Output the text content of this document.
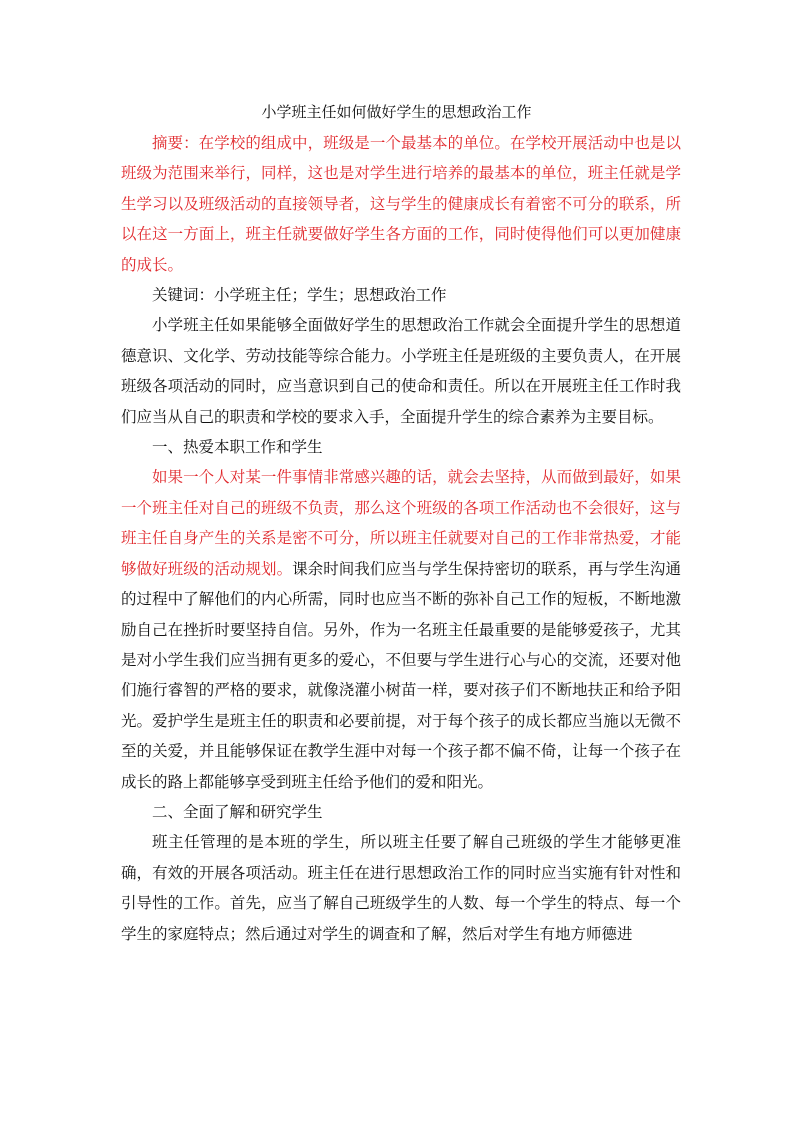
小学班主任如何做好学生的思想政治工作

摘要：在学校的组成中，班级是一个最基本的单位。在学校开展活动中也是以班级为范围来举行，同样，这也是对学生进行培养的最基本的单位，班主任就是学生学习以及班级活动的直接领导者，这与学生的健康成长有着密不可分的联系，所以在这一方面上，班主任就要做好学生各方面的工作，同时使得他们可以更加健康的成长。

关键词：小学班主任；学生；思想政治工作

小学班主任如果能够全面做好学生的思想政治工作就会全面提升学生的思想道德意识、文化学、劳动技能等综合能力。小学班主任是班级的主要负责人，在开展班级各项活动的同时，应当意识到自己的使命和责任。所以在开展班主任工作时我们应当从自己的职责和学校的要求入手，全面提升学生的综合素养为主要目标。

一、热爱本职工作和学生

如果一个人对某一件事情非常感兴趣的话，就会去坚持，从而做到最好，如果一个班主任对自己的班级不负责，那么这个班级的各项工作活动也不会很好，这与班主任自身产生的关系是密不可分，所以班主任就要对自己的工作非常热爱，才能够做好班级的活动规划。课余时间我们应当与学生保持密切的联系，再与学生沟通的过程中了解他们的内心所需，同时也应当不断的弥补自己工作的短板，不断地激励自己在挫折时要坚持自信。另外，作为一名班主任最重要的是能够爱孩子，尤其是对小学生我们应当拥有更多的爱心，不但要与学生进行心与心的交流，还要对他们施行睿智的严格的要求，就像浇灌小树苗一样，要对孩子们不断地扶正和给予阳光。爱护学生是班主任的职责和必要前提，对于每个孩子的成长都应当施以无微不至的关爱，并且能够保证在教学生涯中对每一个孩子都不偏不倚，让每一个孩子在成长的路上都能够享受到班主任给予他们的爱和阳光。

二、全面了解和研究学生

班主任管理的是本班的学生，所以班主任要了解自己班级的学生才能够更准确，有效的开展各项活动。班主任在进行思想政治工作的同时应当实施有针对性和引导性的工作。首先，应当了解自己班级学生的人数、每一个学生的特点、每一个学生的家庭特点；然后通过对学生的调查和了解，然后对学生有地方师德进
